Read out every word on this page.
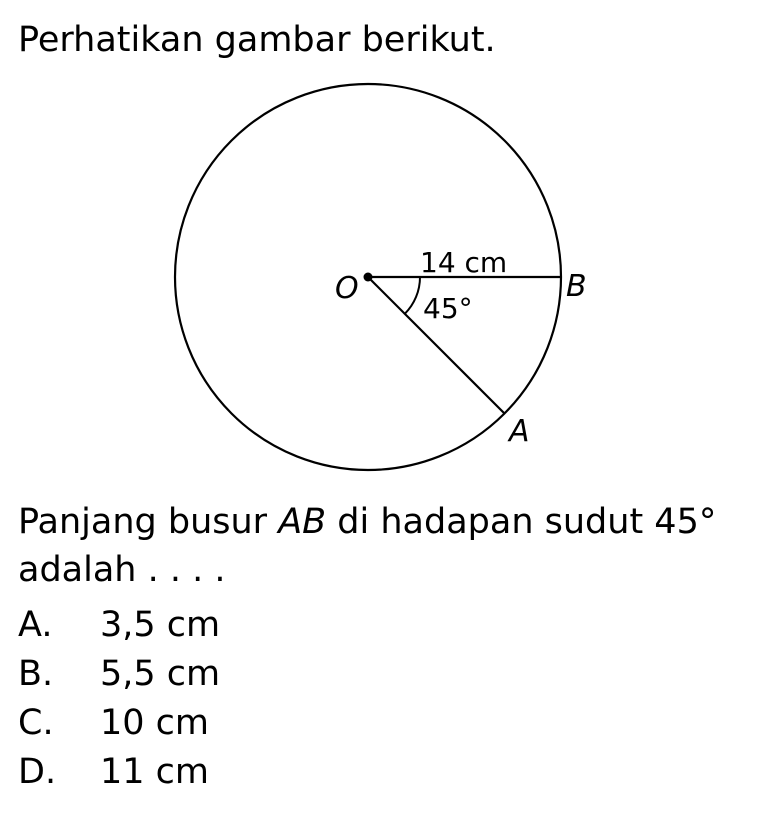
Perhatikan gambar berikut.
O	B
A
14 cm
45°
Panjang busur AB di hadapan sudut 45° adalah . . . .
A.	3,5 cm
B.	5,5 cm
C.	10 cm
D.	11 cm
